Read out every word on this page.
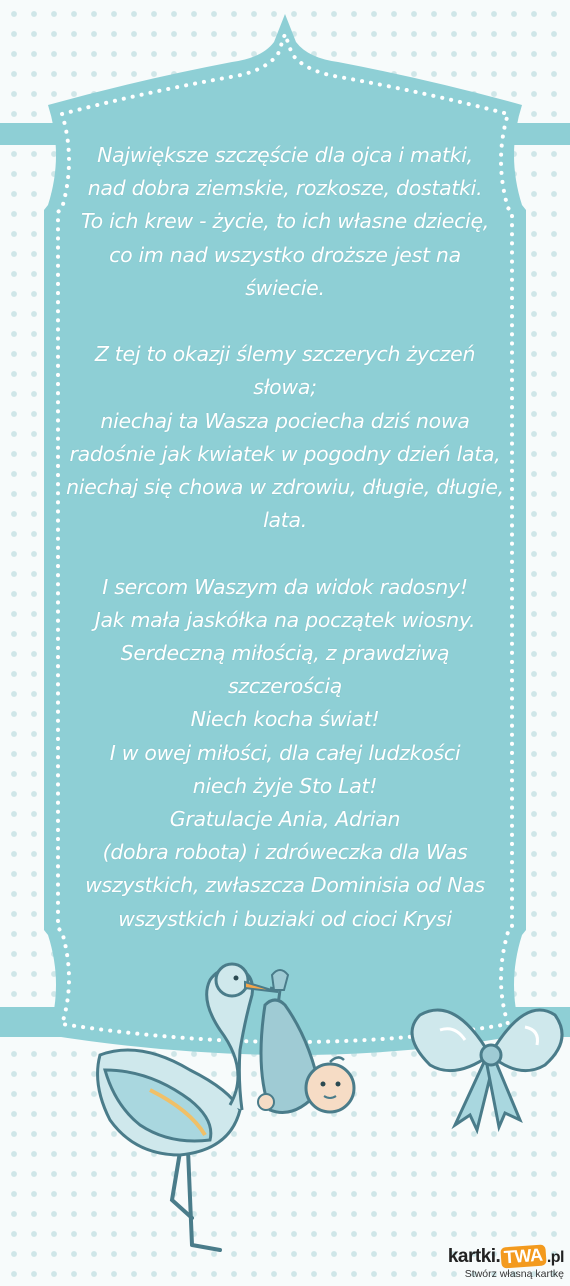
Największe szczęście dla ojca i matki,
nad dobra ziemskie, rozkosze, dostatki.
To ich krew - życie, to ich własne dziecię,
co im nad wszystko droższe jest na
świecie.

Z tej to okazji ślemy szczerych życzeń
słowa;
niechaj ta Wasza pociecha dziś nowa
radośnie jak kwiatek w pogodny dzień lata,
niechaj się chowa w zdrowiu, długie, długie,
lata.

I sercom Waszym da widok radosny!
Jak mała jaskółka na początek wiosny.
Serdeczną miłością, z prawdziwą
szczerością
Niech kocha świat!
I w owej miłości, dla całej ludzkości
niech żyje Sto Lat!
Gratulacje Ania, Adrian
(dobra robota) i zdróweczka dla Was
wszystkich, zwłaszcza Dominisia od Nas
wszystkich i buziaki od cioci Krysi

kartki. TWA .pl
Stwórz własną kartkę
